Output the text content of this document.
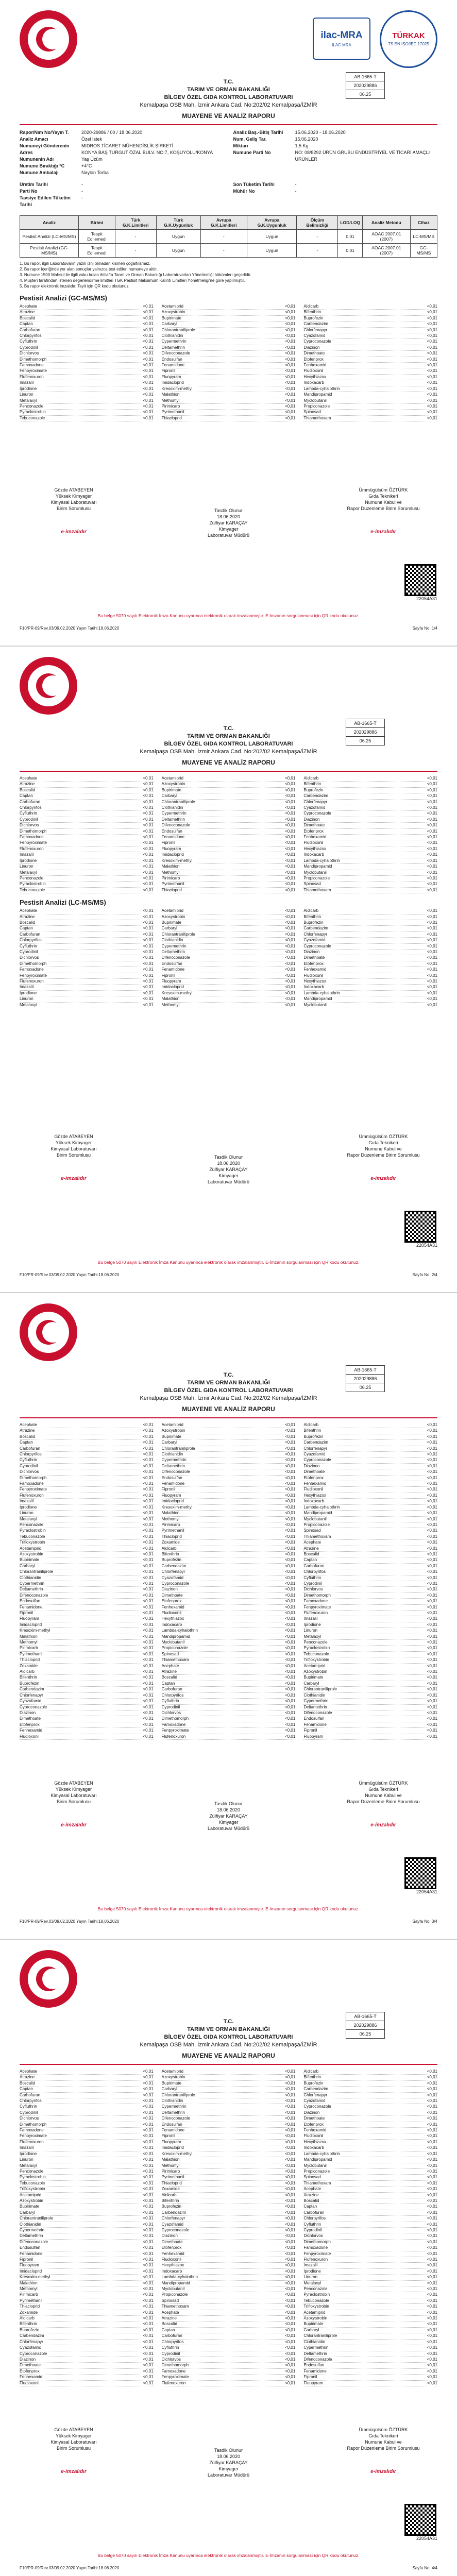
ilac-MRA
ILAC MRA
TÜRKAK
TS EN ISO/IEC 17025
AB-1665-T
202029886
06.25
T.C.
TARIM VE ORMAN BAKANLIĞI
BİLGEV ÖZEL GIDA KONTROL LABORATUVARI
Kemalpaşa OSB Mah. İzmir Ankara Cad. No:202/02 Kemalpaşa/İZMİR
MUAYENE VE ANALİZ RAPORU
Rapor/Nım No/Yayın T.	2020-29886 / 00 / 18.06.2020
Analiz Amacı	Özel İstek
Numuneyi Gönderenin	MIDROS TİCARET MÜHENDİSLİK ŞİRKETİ
Adres	KONYA BAŞ TURGUT ÖZAL BULV. NO:7, KOŞUYOLU/KONYA
Numunenin Adı	Yaş Üzüm
Numune Bıraktığı °C	+4°C
Numune Ambalajı	Naylon Torba
Analiz Baş.-Bitiş Tarihi	15.06.2020 - 18.06.2020
Num. Geliş Tar.	15.06.2020
Miktarı	1,5 Kg
Numune Parti No	NO: 08/8292 ÜRÜN GRUBU ENDÜSTRİYEL VE TİCARİ AMAÇLI ÜRÜNLER
Üretim Tarihi	-
Parti No	-
Tavsiye Edilen Tüketim Tarihi
-
Son Tüketim Tarihi	-
Mühür No	-
Analiz	Birimi	Türk G.K.Limitleri	Türk G.K.Uygunluk	Avrupa G.K.Limitleri	Avrupa G.K.Uygunluk	Ölçüm Belirsizliği	LOD/LOQ	Analiz Metodu	Cihaz
Pestisit Analizi (LC-MS/MS)	Tespit Edilemedi	-	Uygun	-	Uygun	-	0,01	AOAC 2007.01 (2007)	LC-MS/MS
Pestisit Analizi (GC-MS/MS)	Tespit Edilemedi	-	Uygun	-	Uygun	-	0,01	AOAC 2007.01 (2007)	GC-MS/MS
1. Bu rapor, ilgili Laboratuvarın yazılı izni olmadan kısmen çoğaltılamaz.
2. Bu rapor içeriğinde yer alan sonuçlar yalnızca test edilen numuneye aittir.
3. Numune 1500 Mahsul ile ilgili vuku bulan ihtilafta Tarım ve Orman Bakanlığı Laboratuvarları Yönetmeliği hükümleri geçerlidir.
4. Müşteri tarafından istenen değerlendirme limitleri TGK Pestisit Maksimum Kalıntı Limitleri Yönetmeliği'ne göre yapılmıştır.
5. Bu rapor elektronik imzalıdır. Teyit için QR kodu okutunuz.
Pestisit Analizi (GC-MS/MS)
Acephate	<0,01 Acetamiprid	<0,01 Aldicarb	<0,01
Atrazine	<0,01 Azoxystrobin	<0,01 Bifenthrin	<0,01
Boscalid	<0,01 Bupirimate	<0,01 Buprofezin	<0,01
Captan	<0,01 Carbaryl	<0,01 Carbendazim	<0,01
Carbofuran	<0,01 Chlorantraniliprole	<0,01 Chlorfenapyr	<0,01
Chlorpyrifos	<0,01 Clothianidin	<0,01 Cyazofamid	<0,01
Cyfluthrin	<0,01 Cypermethrin	<0,01 Cyproconazole	<0,01
Cyprodinil	<0,01 Deltamethrin	<0,01 Diazinon	<0,01
Dichlorvos	<0,01 Difenoconazole	<0,01 Dimethoate	<0,01
Dimethomorph	<0,01 Endosulfan	<0,01 Etofenprox	<0,01
Famoxadone	<0,01 Fenamidone	<0,01 Fenhexamid	<0,01
Fenpyroximate	<0,01 Fipronil	<0,01 Fludioxonil	<0,01
Flufenoxuron	<0,01 Fluopyram	<0,01 Hexythiazox	<0,01
Imazalil	<0,01 Imidacloprid	<0,01 Indoxacarb	<0,01
Iprodione	<0,01 Kresoxim-methyl	<0,01 Lambda-cyhalothrin	<0,01
Linuron	<0,01 Malathion	<0,01 Mandipropamid	<0,01
Metalaxyl	<0,01 Methomyl	<0,01 Myclobutanil	<0,01
Penconazole	<0,01 Pirimicarb	<0,01 Propiconazole	<0,01
Pyraclostrobin	<0,01 Pyrimethanil	<0,01 Spinosad	<0,01
Tebuconazole	<0,01 Thiacloprid	<0,01 Thiamethoxam	<0,01
Gözde ATABEYEN
Yüksek Kimyager
Kimyasal Laboratuvarı
Birim Sorumlusu
e-imzalıdır
Tasdik Olunur
18.06.2020
Zülfiyar KARAÇAY
Kimyager
Laboratuvar Müdürü
Ümmügülsüm ÖZTÜRK
Gıda Teknikeri
Numune Kabul ve
Rapor Düzenleme Birim Sorumlusu
e-imzalıdır
22054A31
Bu belge 5070 sayılı Elektronik İmza Kanunu uyarınca elektronik olarak imzalanmıştır. E-İmzanın sorgulanması için QR kodu okutunuz.
F10/PR-09/Rev.03/09.02.2020 Yayın Tarihi:18.06.2020	Sayfa No: 1/4
AB-1665-T
202029886
06.25
T.C.
TARIM VE ORMAN BAKANLIĞI
BİLGEV ÖZEL GIDA KONTROL LABORATUVARI
Kemalpaşa OSB Mah. İzmir Ankara Cad. No:202/02 Kemalpaşa/İZMİR
MUAYENE VE ANALİZ RAPORU
Acephate	<0,01 Acetamiprid	<0,01 Aldicarb	<0,01
Atrazine	<0,01 Azoxystrobin	<0,01 Bifenthrin	<0,01
Boscalid	<0,01 Bupirimate	<0,01 Buprofezin	<0,01
Captan	<0,01 Carbaryl	<0,01 Carbendazim	<0,01
Carbofuran	<0,01 Chlorantraniliprole	<0,01 Chlorfenapyr	<0,01
Chlorpyrifos	<0,01 Clothianidin	<0,01 Cyazofamid	<0,01
Cyfluthrin	<0,01 Cypermethrin	<0,01 Cyproconazole	<0,01
Cyprodinil	<0,01 Deltamethrin	<0,01 Diazinon	<0,01
Dichlorvos	<0,01 Difenoconazole	<0,01 Dimethoate	<0,01
Dimethomorph	<0,01 Endosulfan	<0,01 Etofenprox	<0,01
Famoxadone	<0,01 Fenamidone	<0,01 Fenhexamid	<0,01
Fenpyroximate	<0,01 Fipronil	<0,01 Fludioxonil	<0,01
Flufenoxuron	<0,01 Fluopyram	<0,01 Hexythiazox	<0,01
Imazalil	<0,01 Imidacloprid	<0,01 Indoxacarb	<0,01
Iprodione	<0,01 Kresoxim-methyl	<0,01 Lambda-cyhalothrin	<0,01
Linuron	<0,01 Malathion	<0,01 Mandipropamid	<0,01
Metalaxyl	<0,01 Methomyl	<0,01 Myclobutanil	<0,01
Penconazole	<0,01 Pirimicarb	<0,01 Propiconazole	<0,01
Pyraclostrobin	<0,01 Pyrimethanil	<0,01 Spinosad	<0,01
Tebuconazole	<0,01 Thiacloprid	<0,01 Thiamethoxam	<0,01
Pestisit Analizi (LC-MS/MS)
Acephate	<0,01 Acetamiprid	<0,01 Aldicarb	<0,01
Atrazine	<0,01 Azoxystrobin	<0,01 Bifenthrin	<0,01
Boscalid	<0,01 Bupirimate	<0,01 Buprofezin	<0,01
Captan	<0,01 Carbaryl	<0,01 Carbendazim	<0,01
Carbofuran	<0,01 Chlorantraniliprole	<0,01 Chlorfenapyr	<0,01
Chlorpyrifos	<0,01 Clothianidin	<0,01 Cyazofamid	<0,01
Cyfluthrin	<0,01 Cypermethrin	<0,01 Cyproconazole	<0,01
Cyprodinil	<0,01 Deltamethrin	<0,01 Diazinon	<0,01
Dichlorvos	<0,01 Difenoconazole	<0,01 Dimethoate	<0,01
Dimethomorph	<0,01 Endosulfan	<0,01 Etofenprox	<0,01
Famoxadone	<0,01 Fenamidone	<0,01 Fenhexamid	<0,01
Fenpyroximate	<0,01 Fipronil	<0,01 Fludioxonil	<0,01
Flufenoxuron	<0,01 Fluopyram	<0,01 Hexythiazox	<0,01
Imazalil	<0,01 Imidacloprid	<0,01 Indoxacarb	<0,01
Iprodione	<0,01 Kresoxim-methyl	<0,01 Lambda-cyhalothrin	<0,01
Linuron	<0,01 Malathion	<0,01 Mandipropamid	<0,01
Metalaxyl	<0,01 Methomyl	<0,01 Myclobutanil	<0,01
Gözde ATABEYEN
Yüksek Kimyager
Kimyasal Laboratuvarı
Birim Sorumlusu
e-imzalıdır
Tasdik Olunur
18.06.2020
Zülfiyar KARAÇAY
Kimyager
Laboratuvar Müdürü
Ümmügülsüm ÖZTÜRK
Gıda Teknikeri
Numune Kabul ve
Rapor Düzenleme Birim Sorumlusu
e-imzalıdır
22054A31
Bu belge 5070 sayılı Elektronik İmza Kanunu uyarınca elektronik olarak imzalanmıştır. E-İmzanın sorgulanması için QR kodu okutunuz.
F10/PR-09/Rev.03/09.02.2020 Yayın Tarihi:18.06.2020	Sayfa No: 2/4
AB-1665-T
202029886
06.25
T.C.
TARIM VE ORMAN BAKANLIĞI
BİLGEV ÖZEL GIDA KONTROL LABORATUVARI
Kemalpaşa OSB Mah. İzmir Ankara Cad. No:202/02 Kemalpaşa/İZMİR
MUAYENE VE ANALİZ RAPORU
Acephate	<0,01 Acetamiprid	<0,01 Aldicarb	<0,01
Atrazine	<0,01 Azoxystrobin	<0,01 Bifenthrin	<0,01
Boscalid	<0,01 Bupirimate	<0,01 Buprofezin	<0,01
Captan	<0,01 Carbaryl	<0,01 Carbendazim	<0,01
Carbofuran	<0,01 Chlorantraniliprole	<0,01 Chlorfenapyr	<0,01
Chlorpyrifos	<0,01 Clothianidin	<0,01 Cyazofamid	<0,01
Cyfluthrin	<0,01 Cypermethrin	<0,01 Cyproconazole	<0,01
Cyprodinil	<0,01 Deltamethrin	<0,01 Diazinon	<0,01
Dichlorvos	<0,01 Difenoconazole	<0,01 Dimethoate	<0,01
Dimethomorph	<0,01 Endosulfan	<0,01 Etofenprox	<0,01
Famoxadone	<0,01 Fenamidone	<0,01 Fenhexamid	<0,01
Fenpyroximate	<0,01 Fipronil	<0,01 Fludioxonil	<0,01
Flufenoxuron	<0,01 Fluopyram	<0,01 Hexythiazox	<0,01
Imazalil	<0,01 Imidacloprid	<0,01 Indoxacarb	<0,01
Iprodione	<0,01 Kresoxim-methyl	<0,01 Lambda-cyhalothrin	<0,01
Linuron	<0,01 Malathion	<0,01 Mandipropamid	<0,01
Metalaxyl	<0,01 Methomyl	<0,01 Myclobutanil	<0,01
Penconazole	<0,01 Pirimicarb	<0,01 Propiconazole	<0,01
Pyraclostrobin	<0,01 Pyrimethanil	<0,01 Spinosad	<0,01
Tebuconazole	<0,01 Thiacloprid	<0,01 Thiamethoxam	<0,01
Trifloxystrobin	<0,01 Zoxamide	<0,01 Acephate	<0,01
Acetamiprid	<0,01 Aldicarb	<0,01 Atrazine	<0,01
Azoxystrobin	<0,01 Bifenthrin	<0,01 Boscalid	<0,01
Bupirimate	<0,01 Buprofezin	<0,01 Captan	<0,01
Carbaryl	<0,01 Carbendazim	<0,01 Carbofuran	<0,01
Chlorantraniliprole	<0,01 Chlorfenapyr	<0,01 Chlorpyrifos	<0,01
Clothianidin	<0,01 Cyazofamid	<0,01 Cyfluthrin	<0,01
Cypermethrin	<0,01 Cyproconazole	<0,01 Cyprodinil	<0,01
Deltamethrin	<0,01 Diazinon	<0,01 Dichlorvos	<0,01
Difenoconazole	<0,01 Dimethoate	<0,01 Dimethomorph	<0,01
Endosulfan	<0,01 Etofenprox	<0,01 Famoxadone	<0,01
Fenamidone	<0,01 Fenhexamid	<0,01 Fenpyroximate	<0,01
Fipronil	<0,01 Fludioxonil	<0,01 Flufenoxuron	<0,01
Fluopyram	<0,01 Hexythiazox	<0,01 Imazalil	<0,01
Imidacloprid	<0,01 Indoxacarb	<0,01 Iprodione	<0,01
Kresoxim-methyl	<0,01 Lambda-cyhalothrin	<0,01 Linuron	<0,01
Malathion	<0,01 Mandipropamid	<0,01 Metalaxyl	<0,01
Methomyl	<0,01 Myclobutanil	<0,01 Penconazole	<0,01
Pirimicarb	<0,01 Propiconazole	<0,01 Pyraclostrobin	<0,01
Pyrimethanil	<0,01 Spinosad	<0,01 Tebuconazole	<0,01
Thiacloprid	<0,01 Thiamethoxam	<0,01 Trifloxystrobin	<0,01
Zoxamide	<0,01 Acephate	<0,01 Acetamiprid	<0,01
Aldicarb	<0,01 Atrazine	<0,01 Azoxystrobin	<0,01
Bifenthrin	<0,01 Boscalid	<0,01 Bupirimate	<0,01
Buprofezin	<0,01 Captan	<0,01 Carbaryl	<0,01
Carbendazim	<0,01 Carbofuran	<0,01 Chlorantraniliprole	<0,01
Chlorfenapyr	<0,01 Chlorpyrifos	<0,01 Clothianidin	<0,01
Cyazofamid	<0,01 Cyfluthrin	<0,01 Cypermethrin	<0,01
Cyproconazole	<0,01 Cyprodinil	<0,01 Deltamethrin	<0,01
Diazinon	<0,01 Dichlorvos	<0,01 Difenoconazole	<0,01
Dimethoate	<0,01 Dimethomorph	<0,01 Endosulfan	<0,01
Etofenprox	<0,01 Famoxadone	<0,01 Fenamidone	<0,01
Fenhexamid	<0,01 Fenpyroximate	<0,01 Fipronil	<0,01
Fludioxonil	<0,01 Flufenoxuron	<0,01 Fluopyram	<0,01
Gözde ATABEYEN
Yüksek Kimyager
Kimyasal Laboratuvarı
Birim Sorumlusu
e-imzalıdır
Tasdik Olunur
18.06.2020
Zülfiyar KARAÇAY
Kimyager
Laboratuvar Müdürü
Ümmügülsüm ÖZTÜRK
Gıda Teknikeri
Numune Kabul ve
Rapor Düzenleme Birim Sorumlusu
e-imzalıdır
22054A31
Bu belge 5070 sayılı Elektronik İmza Kanunu uyarınca elektronik olarak imzalanmıştır. E-İmzanın sorgulanması için QR kodu okutunuz.
F10/PR-09/Rev.03/09.02.2020 Yayın Tarihi:18.06.2020	Sayfa No: 3/4
AB-1665-T
202029886
06.25
T.C.
TARIM VE ORMAN BAKANLIĞI
BİLGEV ÖZEL GIDA KONTROL LABORATUVARI
Kemalpaşa OSB Mah. İzmir Ankara Cad. No:202/02 Kemalpaşa/İZMİR
MUAYENE VE ANALİZ RAPORU
Acephate	<0,01 Acetamiprid	<0,01 Aldicarb	<0,01
Atrazine	<0,01 Azoxystrobin	<0,01 Bifenthrin	<0,01
Boscalid	<0,01 Bupirimate	<0,01 Buprofezin	<0,01
Captan	<0,01 Carbaryl	<0,01 Carbendazim	<0,01
Carbofuran	<0,01 Chlorantraniliprole	<0,01 Chlorfenapyr	<0,01
Chlorpyrifos	<0,01 Clothianidin	<0,01 Cyazofamid	<0,01
Cyfluthrin	<0,01 Cypermethrin	<0,01 Cyproconazole	<0,01
Cyprodinil	<0,01 Deltamethrin	<0,01 Diazinon	<0,01
Dichlorvos	<0,01 Difenoconazole	<0,01 Dimethoate	<0,01
Dimethomorph	<0,01 Endosulfan	<0,01 Etofenprox	<0,01
Famoxadone	<0,01 Fenamidone	<0,01 Fenhexamid	<0,01
Fenpyroximate	<0,01 Fipronil	<0,01 Fludioxonil	<0,01
Flufenoxuron	<0,01 Fluopyram	<0,01 Hexythiazox	<0,01
Imazalil	<0,01 Imidacloprid	<0,01 Indoxacarb	<0,01
Iprodione	<0,01 Kresoxim-methyl	<0,01 Lambda-cyhalothrin	<0,01
Linuron	<0,01 Malathion	<0,01 Mandipropamid	<0,01
Metalaxyl	<0,01 Methomyl	<0,01 Myclobutanil	<0,01
Penconazole	<0,01 Pirimicarb	<0,01 Propiconazole	<0,01
Pyraclostrobin	<0,01 Pyrimethanil	<0,01 Spinosad	<0,01
Tebuconazole	<0,01 Thiacloprid	<0,01 Thiamethoxam	<0,01
Trifloxystrobin	<0,01 Zoxamide	<0,01 Acephate	<0,01
Acetamiprid	<0,01 Aldicarb	<0,01 Atrazine	<0,01
Azoxystrobin	<0,01 Bifenthrin	<0,01 Boscalid	<0,01
Bupirimate	<0,01 Buprofezin	<0,01 Captan	<0,01
Carbaryl	<0,01 Carbendazim	<0,01 Carbofuran	<0,01
Chlorantraniliprole	<0,01 Chlorfenapyr	<0,01 Chlorpyrifos	<0,01
Clothianidin	<0,01 Cyazofamid	<0,01 Cyfluthrin	<0,01
Cypermethrin	<0,01 Cyproconazole	<0,01 Cyprodinil	<0,01
Deltamethrin	<0,01 Diazinon	<0,01 Dichlorvos	<0,01
Difenoconazole	<0,01 Dimethoate	<0,01 Dimethomorph	<0,01
Endosulfan	<0,01 Etofenprox	<0,01 Famoxadone	<0,01
Fenamidone	<0,01 Fenhexamid	<0,01 Fenpyroximate	<0,01
Fipronil	<0,01 Fludioxonil	<0,01 Flufenoxuron	<0,01
Fluopyram	<0,01 Hexythiazox	<0,01 Imazalil	<0,01
Imidacloprid	<0,01 Indoxacarb	<0,01 Iprodione	<0,01
Kresoxim-methyl	<0,01 Lambda-cyhalothrin	<0,01 Linuron	<0,01
Malathion	<0,01 Mandipropamid	<0,01 Metalaxyl	<0,01
Methomyl	<0,01 Myclobutanil	<0,01 Penconazole	<0,01
Pirimicarb	<0,01 Propiconazole	<0,01 Pyraclostrobin	<0,01
Pyrimethanil	<0,01 Spinosad	<0,01 Tebuconazole	<0,01
Thiacloprid	<0,01 Thiamethoxam	<0,01 Trifloxystrobin	<0,01
Zoxamide	<0,01 Acephate	<0,01 Acetamiprid	<0,01
Aldicarb	<0,01 Atrazine	<0,01 Azoxystrobin	<0,01
Bifenthrin	<0,01 Boscalid	<0,01 Bupirimate	<0,01
Buprofezin	<0,01 Captan	<0,01 Carbaryl	<0,01
Carbendazim	<0,01 Carbofuran	<0,01 Chlorantraniliprole	<0,01
Chlorfenapyr	<0,01 Chlorpyrifos	<0,01 Clothianidin	<0,01
Cyazofamid	<0,01 Cyfluthrin	<0,01 Cypermethrin	<0,01
Cyproconazole	<0,01 Cyprodinil	<0,01 Deltamethrin	<0,01
Diazinon	<0,01 Dichlorvos	<0,01 Difenoconazole	<0,01
Dimethoate	<0,01 Dimethomorph	<0,01 Endosulfan	<0,01
Etofenprox	<0,01 Famoxadone	<0,01 Fenamidone	<0,01
Fenhexamid	<0,01 Fenpyroximate	<0,01 Fipronil	<0,01
Fludioxonil	<0,01 Flufenoxuron	<0,01 Fluopyram	<0,01
Gözde ATABEYEN
Yüksek Kimyager
Kimyasal Laboratuvarı
Birim Sorumlusu
e-imzalıdır
Tasdik Olunur
18.06.2020
Zülfiyar KARAÇAY
Kimyager
Laboratuvar Müdürü
Ümmügülsüm ÖZTÜRK
Gıda Teknikeri
Numune Kabul ve
Rapor Düzenleme Birim Sorumlusu
e-imzalıdır
22054A31
Bu belge 5070 sayılı Elektronik İmza Kanunu uyarınca elektronik olarak imzalanmıştır. E-İmzanın sorgulanması için QR kodu okutunuz.
F10/PR-09/Rev.03/09.02.2020 Yayın Tarihi:18.06.2020	Sayfa No: 4/4
